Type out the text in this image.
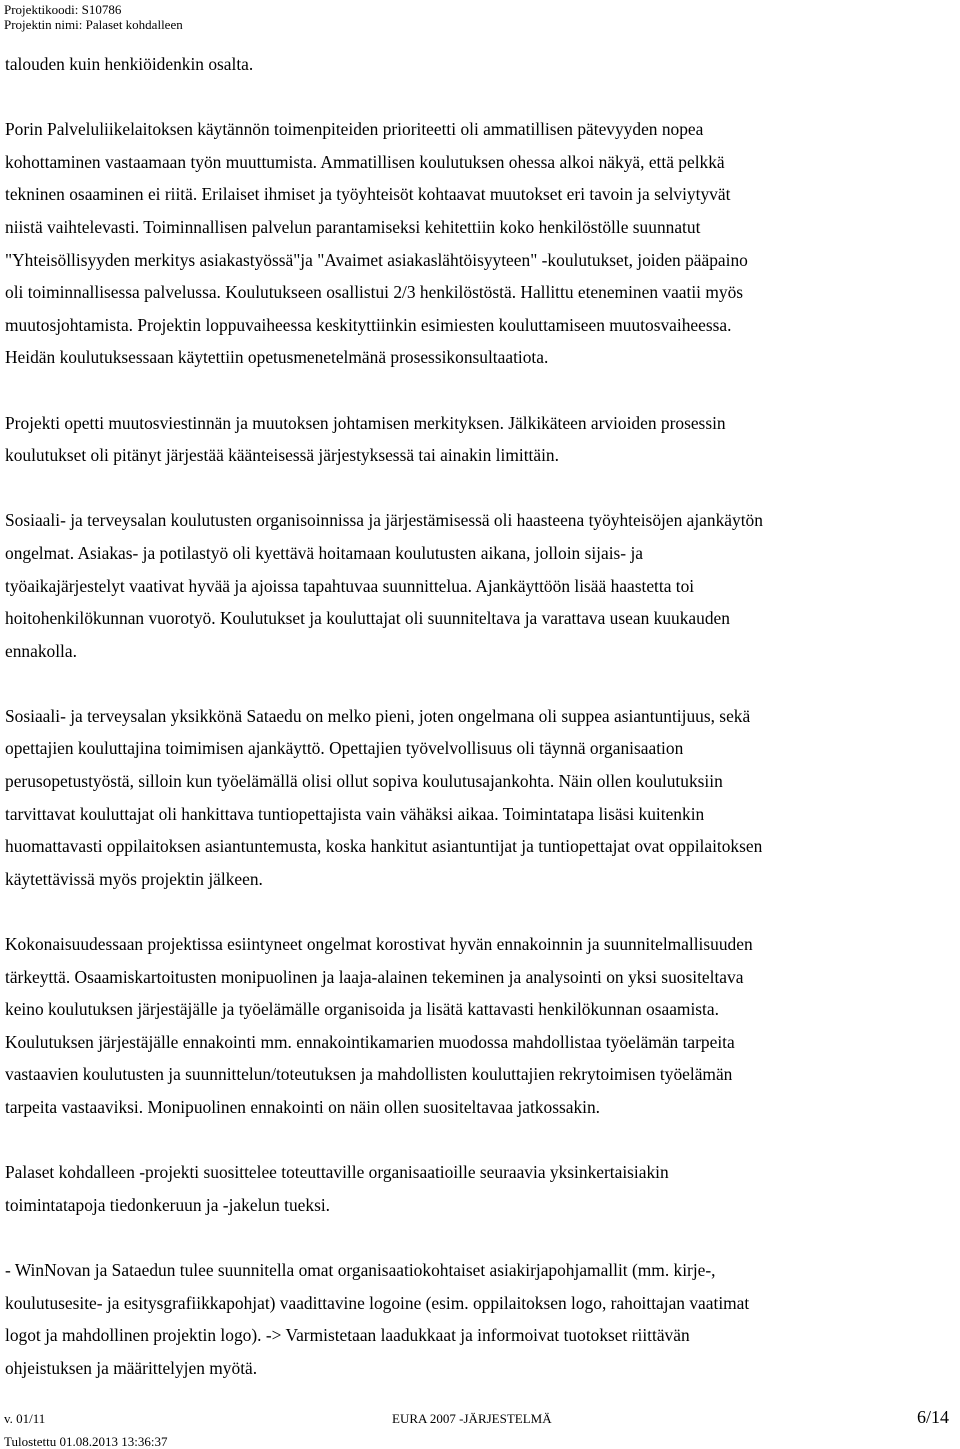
Projektikoodi: S10786
Projektin nimi: Palaset kohdalleen

talouden kuin henkiöidenkin osalta.

Porin Palveluliikelaitoksen käytännön toimenpiteiden prioriteetti oli ammatillisen pätevyyden nopea

kohottaminen vastaamaan työn muuttumista. Ammatillisen koulutuksen ohessa alkoi näkyä, että pelkkä

tekninen osaaminen ei riitä. Erilaiset ihmiset ja työyhteisöt kohtaavat muutokset eri tavoin ja selviytyvät

niistä vaihtelevasti. Toiminnallisen palvelun parantamiseksi kehitettiin koko henkilöstölle suunnatut

"Yhteisöllisyyden merkitys asiakastyössä"ja "Avaimet asiakaslähtöisyyteen" -koulutukset, joiden pääpaino

oli toiminnallisessa palvelussa. Koulutukseen osallistui 2/3 henkilöstöstä. Hallittu eteneminen vaatii myös

muutosjohtamista. Projektin loppuvaiheessa keskityttiinkin esimiesten kouluttamiseen muutosvaiheessa.

Heidän koulutuksessaan käytettiin opetusmenetelmänä prosessikonsultaatiota.

Projekti opetti muutosviestinnän ja muutoksen johtamisen merkityksen. Jälkikäteen arvioiden prosessin

koulutukset oli pitänyt järjestää käänteisessä järjestyksessä tai ainakin limittäin.

Sosiaali- ja terveysalan koulutusten organisoinnissa ja järjestämisessä oli haasteena työyhteisöjen ajankäytön

ongelmat. Asiakas- ja potilastyö oli kyettävä hoitamaan koulutusten aikana, jolloin sijais- ja

työaikajärjestelyt vaativat hyvää ja ajoissa tapahtuvaa suunnittelua. Ajankäyttöön lisää haastetta toi

hoitohenkilökunnan vuorotyö. Koulutukset ja kouluttajat oli suunniteltava ja varattava usean kuukauden

ennakolla.

Sosiaali- ja terveysalan yksikkönä Sataedu on melko pieni, joten ongelmana oli suppea asiantuntijuus, sekä

opettajien kouluttajina toimimisen ajankäyttö. Opettajien työvelvollisuus oli täynnä organisaation

perusopetustyöstä, silloin kun työelämällä olisi ollut sopiva koulutusajankohta. Näin ollen koulutuksiin

tarvittavat kouluttajat oli hankittava tuntiopettajista vain vähäksi aikaa. Toimintatapa lisäsi kuitenkin

huomattavasti oppilaitoksen asiantuntemusta, koska hankitut asiantuntijat ja tuntiopettajat ovat oppilaitoksen

käytettävissä myös projektin jälkeen.

Kokonaisuudessaan projektissa esiintyneet ongelmat korostivat hyvän ennakoinnin ja suunnitelmallisuuden

tärkeyttä. Osaamiskartoitusten monipuolinen ja laaja-alainen tekeminen ja analysointi on yksi suositeltava

keino koulutuksen järjestäjälle ja työelämälle organisoida ja lisätä kattavasti henkilökunnan osaamista.

Koulutuksen järjestäjälle ennakointi mm. ennakointikamarien muodossa mahdollistaa työelämän tarpeita

vastaavien koulutusten ja suunnittelun/toteutuksen ja mahdollisten kouluttajien rekrytoimisen työelämän

tarpeita vastaaviksi. Monipuolinen ennakointi on näin ollen suositeltavaa jatkossakin.

Palaset kohdalleen -projekti suosittelee toteuttaville organisaatioille seuraavia yksinkertaisiakin

toimintatapoja tiedonkeruun ja -jakelun tueksi.

- WinNovan ja Sataedun tulee suunnitella omat organisaatiokohtaiset asiakirjapohjamallit (mm. kirje-,

koulutusesite- ja esitysgrafiikkapohjat) vaadittavine logoine (esim. oppilaitoksen logo, rahoittajan vaatimat

logot ja mahdollinen projektin logo). -> Varmistetaan laadukkaat ja informoivat tuotokset riittävän

ohjeistuksen ja määrittelyjen myötä.

v. 01/11
Tulostettu 01.08.2013 13:36:37
EURA 2007 -JÄRJESTELMÄ	6/14
